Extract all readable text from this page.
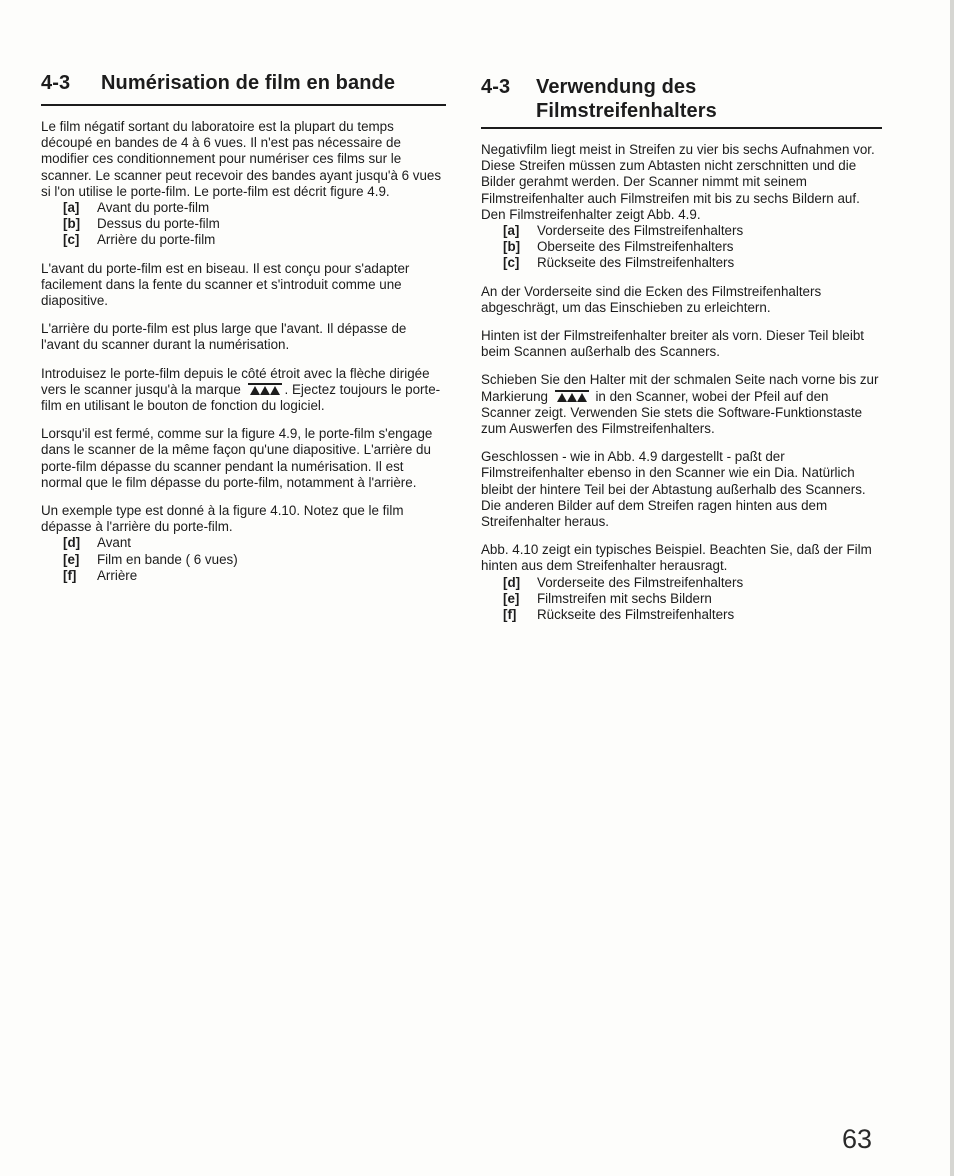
4-3	Numérisation de film en bande

Le film négatif sortant du laboratoire est la plupart du temps découpé en bandes de 4 à 6 vues. Il n'est pas nécessaire de modifier ces conditionnement pour numériser ces films sur le scanner. Le scanner peut recevoir des bandes ayant jusqu'à 6 vues si l'on utilise le porte-film. Le porte-film est décrit figure 4.9.

[a]	Avant du porte-film
[b]	Dessus du porte-film
[c]	Arrière du porte-film

L'avant du porte-film est en biseau. Il est conçu pour s'adapter facilement dans la fente du scanner et s'introduit comme une diapositive.

L'arrière du porte-film est plus large que l'avant. Il dépasse de l'avant du scanner durant la numérisation.

Introduisez le porte-film depuis le côté étroit avec la flèche dirigée vers le scanner jusqu'à la marque	. Ejectez toujours le porte-film en utilisant le bouton de fonction du logiciel.

Lorsqu'il est fermé, comme sur la figure 4.9, le porte-film s'engage dans le scanner de la même façon qu'une diapositive. L'arrière du porte-film dépasse du scanner pendant la numérisation. Il est normal que le film dépasse du porte-film, notamment à l'arrière.

Un exemple type est donné à la figure 4.10. Notez que le film dépasse à l'arrière du porte-film.

[d]	Avant
[e]	Film en bande ( 6 vues)
[f]	Arrière
4-3	Verwendung des Filmstreifenhalters

Negativfilm liegt meist in Streifen zu vier bis sechs Aufnahmen vor. Diese Streifen müssen zum Abtasten nicht zerschnitten und die Bilder gerahmt werden. Der Scanner nimmt mit seinem Filmstreifenhalter auch Filmstreifen mit bis zu sechs Bildern auf. Den Filmstreifenhalter zeigt Abb. 4.9.

[a]	Vorderseite des Filmstreifenhalters
[b]	Oberseite des Filmstreifenhalters
[c]	Rückseite des Filmstreifenhalters

An der Vorderseite sind die Ecken des Filmstreifenhalters abgeschrägt, um das Einschieben zu erleichtern.

Hinten ist der Filmstreifenhalter breiter als vorn. Dieser Teil bleibt beim Scannen außerhalb des Scanners.

Schieben Sie den Halter mit der schmalen Seite nach vorne bis zur Markierung	in den Scanner, wobei der Pfeil auf den Scanner zeigt. Verwenden Sie stets die Software-Funktionstaste zum Auswerfen des Filmstreifenhalters.

Geschlossen - wie in Abb. 4.9 dargestellt - paßt der Filmstreifenhalter ebenso in den Scanner wie ein Dia. Natürlich bleibt der hintere Teil bei der Abtastung außerhalb des Scanners. Die anderen Bilder auf dem Streifen ragen hinten aus dem Streifenhalter heraus.

Abb. 4.10 zeigt ein typisches Beispiel. Beachten Sie, daß der Film hinten aus dem Streifenhalter herausragt.

[d]	Vorderseite des Filmstreifenhalters
[e]	Filmstreifen mit sechs Bildern
[f]	Rückseite des Filmstreifenhalters
63
